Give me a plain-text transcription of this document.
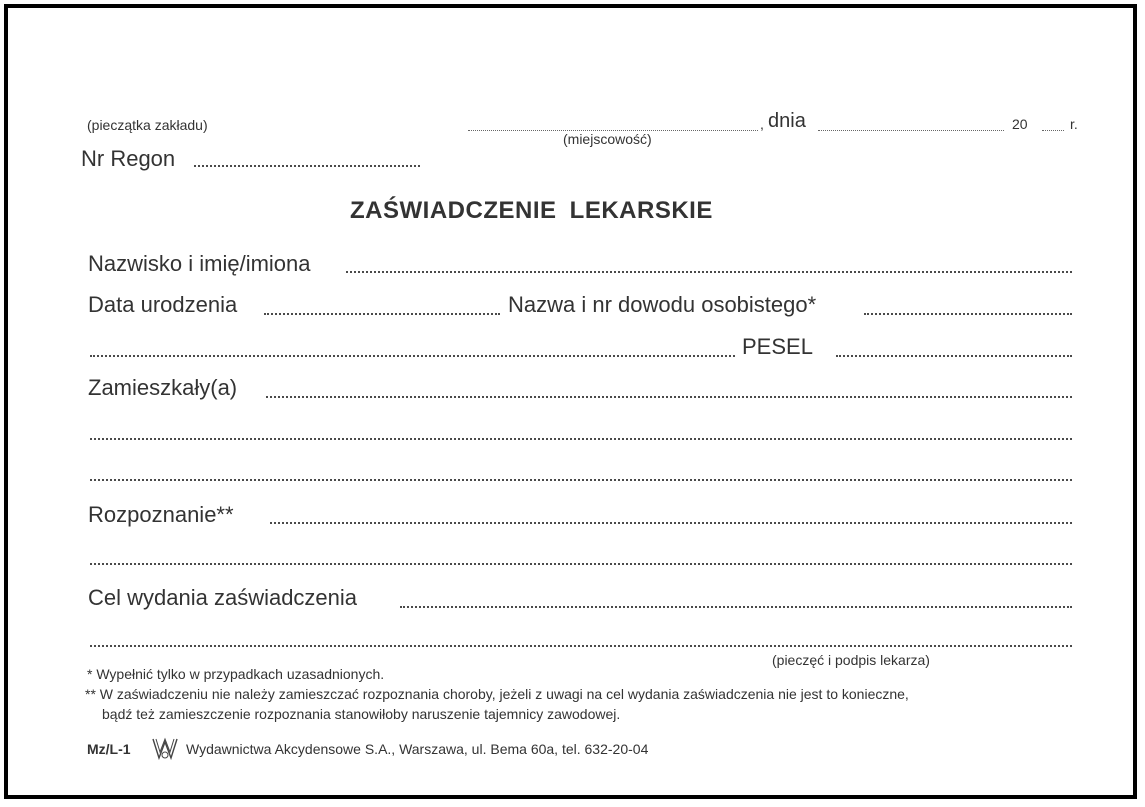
(pieczątka zakładu)	, dnia	20	r.
(miejscowość)
Nr Regon
ZAŚWIADCZENIE LEKARSKIE
Nazwisko i imię/imiona
Data urodzenia	Nazwa i nr dowodu osobistego*
PESEL
Zamieszkały(a)
Rozpoznanie**
Cel wydania zaświadczenia
(pieczęć i podpis lekarza)
* Wypełnić tylko w przypadkach uzasadnionych.
** W zaświadczeniu nie należy zamieszczać rozpoznania choroby, jeżeli z uwagi na cel wydania zaświadczenia nie jest to konieczne,
bądź też zamieszczenie rozpoznania stanowiłoby naruszenie tajemnicy zawodowej.
Mz/L-1	Wydawnictwa Akcydensowe S.A., Warszawa, ul. Bema 60a, tel. 632-20-04
